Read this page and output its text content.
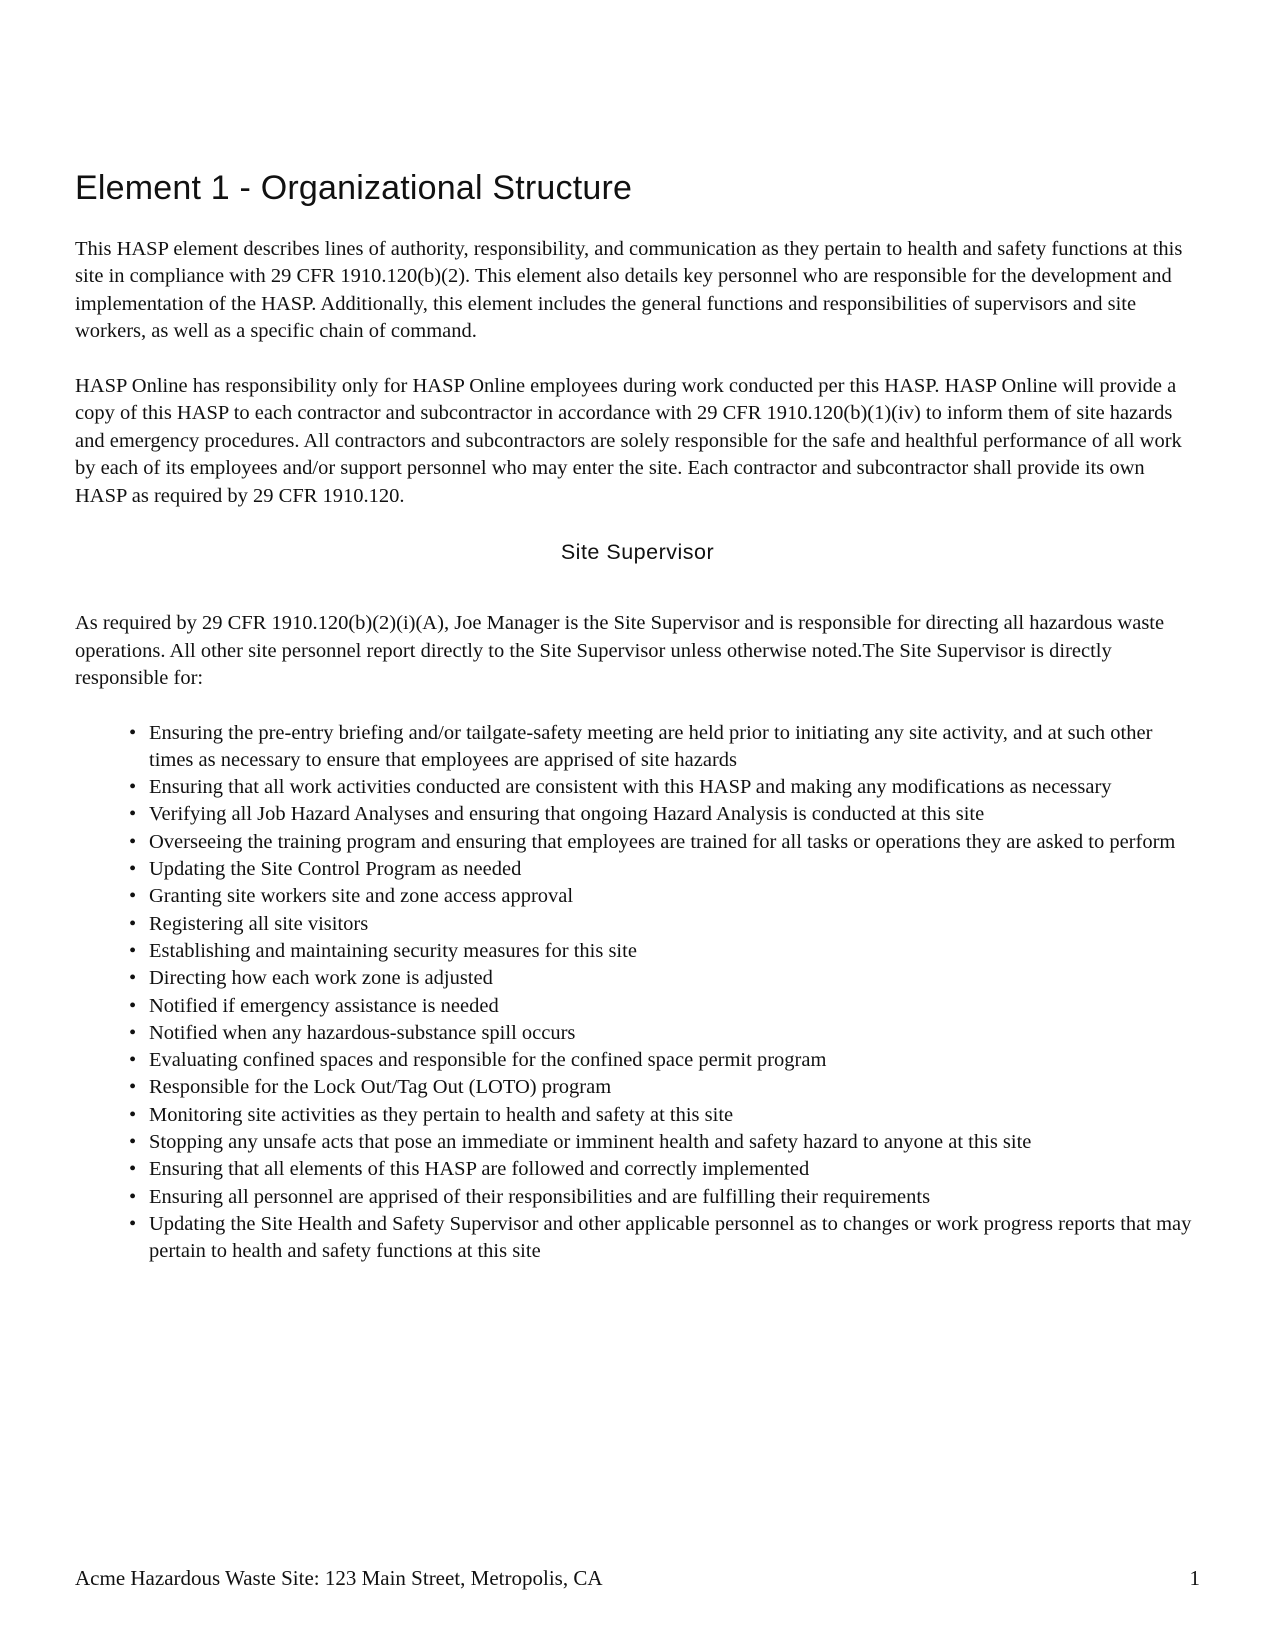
Element 1 - Organizational Structure

This HASP element describes lines of authority, responsibility, and communication as they pertain to health and safety functions at this site in compliance with 29 CFR 1910.120(b)(2). This element also details key personnel who are responsible for the development and implementation of the HASP. Additionally, this element includes the general functions and responsibilities of supervisors and site workers, as well as a specific chain of command.

HASP Online has responsibility only for HASP Online employees during work conducted per this HASP. HASP Online will provide a copy of this HASP to each contractor and subcontractor in accordance with 29 CFR 1910.120(b)(1)(iv) to inform them of site hazards and emergency procedures. All contractors and subcontractors are solely responsible for the safe and healthful performance of all work by each of its employees and/or support personnel who may enter the site. Each contractor and subcontractor shall provide its own HASP as required by 29 CFR 1910.120.

Site Supervisor

As required by 29 CFR 1910.120(b)(2)(i)(A), Joe Manager is the Site Supervisor and is responsible for directing all hazardous waste operations. All other site personnel report directly to the Site Supervisor unless otherwise noted.The Site Supervisor is directly responsible for:

• Ensuring the pre-entry briefing and/or tailgate-safety meeting are held prior to initiating any site activity, and at such other times as necessary to ensure that employees are apprised of site hazards
• Ensuring that all work activities conducted are consistent with this HASP and making any modifications as necessary
• Verifying all Job Hazard Analyses and ensuring that ongoing Hazard Analysis is conducted at this site
• Overseeing the training program and ensuring that employees are trained for all tasks or operations they are asked to perform
• Updating the Site Control Program as needed
• Granting site workers site and zone access approval
• Registering all site visitors
• Establishing and maintaining security measures for this site
• Directing how each work zone is adjusted
• Notified if emergency assistance is needed
• Notified when any hazardous-substance spill occurs
• Evaluating confined spaces and responsible for the confined space permit program
• Responsible for the Lock Out/Tag Out (LOTO) program
• Monitoring site activities as they pertain to health and safety at this site
• Stopping any unsafe acts that pose an immediate or imminent health and safety hazard to anyone at this site
• Ensuring that all elements of this HASP are followed and correctly implemented
• Ensuring all personnel are apprised of their responsibilities and are fulfilling their requirements
• Updating the Site Health and Safety Supervisor and other applicable personnel as to changes or work progress reports that may pertain to health and safety functions at this site
Acme Hazardous Waste Site: 123 Main Street, Metropolis, CA	1
